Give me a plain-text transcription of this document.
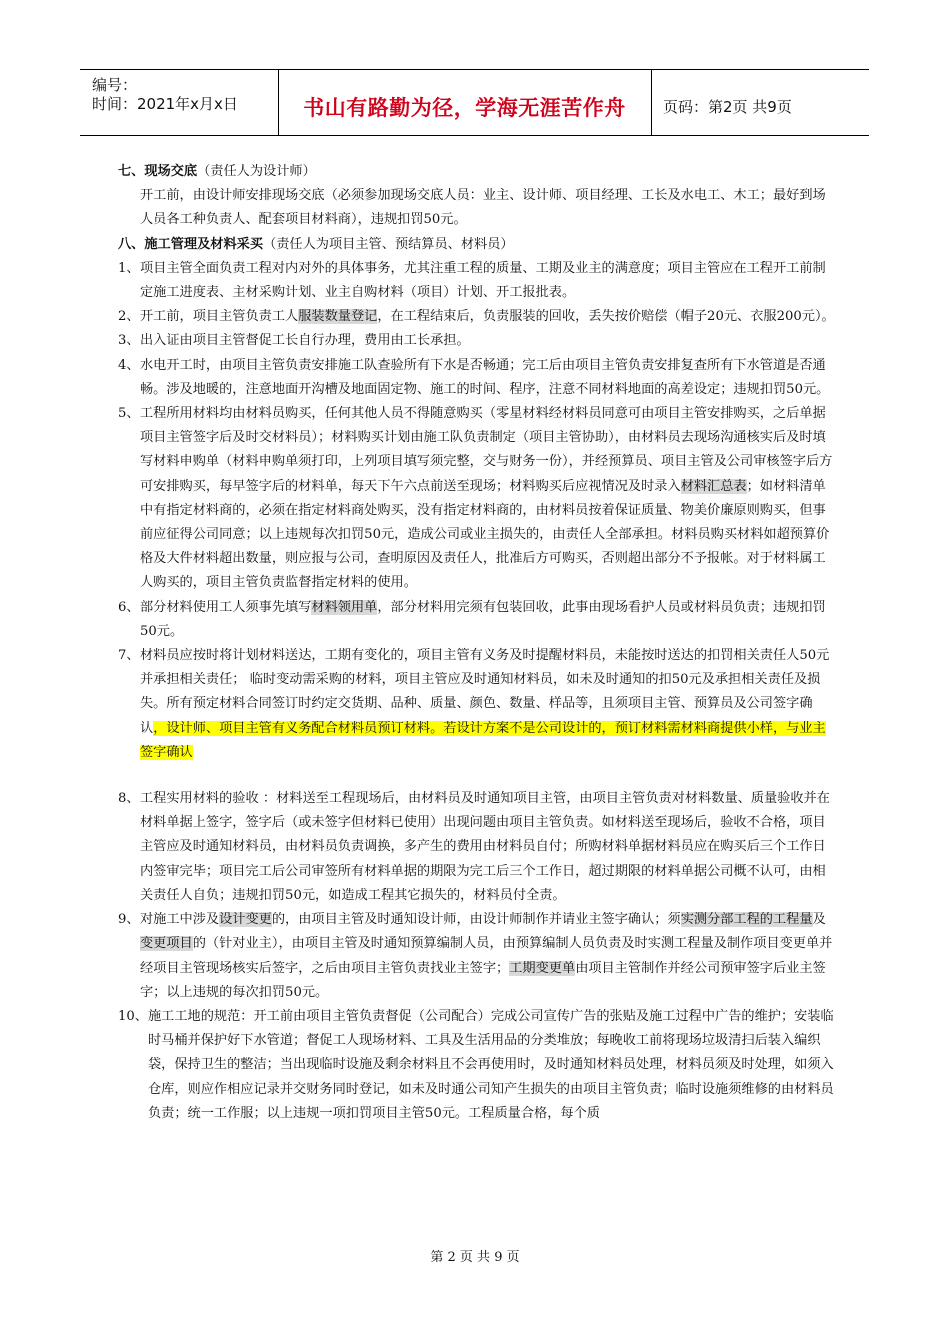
编号：
时间：2021年x月x日	书山有路勤为径，学海无涯苦作舟	页码：第2页 共9页

七、现场交底（责任人为设计师）

开工前，由设计师安排现场交底（必须参加现场交底人员：业主、设计师、项目经理、工长及水电工、木工；最好到场人员各工种负责人、配套项目材料商），违规扣罚50元。

八、施工管理及材料采买（责任人为项目主管、预结算员、材料员）

1、 项目主管全面负责工程对内对外的具体事务，尤其注重工程的质量、工期及业主的满意度；项目主管应在工程开工前制定施工进度表、主材采购计划、业主自购材料（项目）计划、开工报批表。
2、 开工前，项目主管负责工人服装数量登记，在工程结束后，负责服装的回收，丢失按价赔偿（帽子20元、衣服200元）。
3、 出入证由项目主管督促工长自行办理，费用由工长承担。
4、 水电开工时，由项目主管负责安排施工队查验所有下水是否畅通；完工后由项目主管负责安排复查所有下水管道是否通畅。涉及地暖的，注意地面开沟槽及地面固定物、施工的时间、程序，注意不同材料地面的高差设定；违规扣罚50元。
5、 工程所用材料均由材料员购买，任何其他人员不得随意购买（零星材料经材料员同意可由项目主管安排购买，之后单据项目主管签字后及时交材料员）；材料购买计划由施工队负责制定（项目主管协助），由材料员去现场沟通核实后及时填写材料申购单（材料申购单须打印，上列项目填写须完整，交与财务一份），并经预算员、项目主管及公司审核签字后方可安排购买，每早签字后的材料单，每天下午六点前送至现场；材料购买后应视情况及时录入材料汇总表；如材料清单中有指定材料商的，必须在指定材料商处购买，没有指定材料商的，由材料员按着保证质量、物美价廉原则购买，但事前应征得公司同意；以上违规每次扣罚50元，造成公司或业主损失的，由责任人全部承担。材料员购买材料如超预算价格及大件材料超出数量，则应报与公司，查明原因及责任人，批准后方可购买，否则超出部分不予报帐。对于材料属工人购买的，项目主管负责监督指定材料的使用。
6、 部分材料使用工人须事先填写材料领用单，部分材料用完须有包装回收，此事由现场看护人员或材料员负责；违规扣罚50元。
7、 材料员应按时将计划材料送达，工期有变化的，项目主管有义务及时提醒材料员，未能按时送达的扣罚相关责任人50元并承担相关责任； 临时变动需采购的材料，项目主管应及时通知材料员，如未及时通知的扣50元及承担相关责任及损失。所有预定材料合同签订时约定交货期、品种、质量、颜色、数量、样品等，且须项目主管、预算员及公司签字确认，设计师、项目主管有义务配合材料员预订材料。若设计方案不是公司设计的，预订材料需材料商提供小样，与业主签字确认
8、 工程实用材料的验收 ：材料送至工程现场后，由材料员及时通知项目主管，由项目主管负责对材料数量、质量验收并在材料单据上签字，签字后（或未签字但材料已使用）出现问题由项目主管负责。如材料送至现场后，验收不合格，项目主管应及时通知材料员，由材料员负责调换，多产生的费用由材料员自付；所购材料单据材料员应在购买后三个工作日内签审完毕；项目完工后公司审签所有材料单据的期限为完工后三个工作日，超过期限的材料单据公司概不认可，由相关责任人自负；违规扣罚50元，如造成工程其它损失的，材料员付全责。
9、 对施工中涉及设计变更的，由项目主管及时通知设计师，由设计师制作并请业主签字确认；须实测分部工程的工程量及变更项目的（针对业主），由项目主管及时通知预算编制人员，由预算编制人员负责及时实测工程量及制作项目变更单并经项目主管现场核实后签字，之后由项目主管负责找业主签字；工期变更单由项目主管制作并经公司预审签字后业主签字；以上违规的每次扣罚50元。
10、 施工工地的规范：开工前由项目主管负责督促（公司配合）完成公司宣传广告的张贴及施工过程中广告的维护；安装临时马桶并保护好下水管道；督促工人现场材料、工具及生活用品的分类堆放；每晚收工前将现场垃圾清扫后装入编织袋，保持卫生的整洁；当出现临时设施及剩余材料且不会再使用时，及时通知材料员处理，材料员须及时处理，如须入仓库，则应作相应记录并交财务同时登记，如未及时通公司知产生损失的由项目主管负责；临时设施须维修的由材料员负责；统一工作服；以上违规一项扣罚项目主管50元。工程质量合格，每个质
第 2 页 共 9 页
